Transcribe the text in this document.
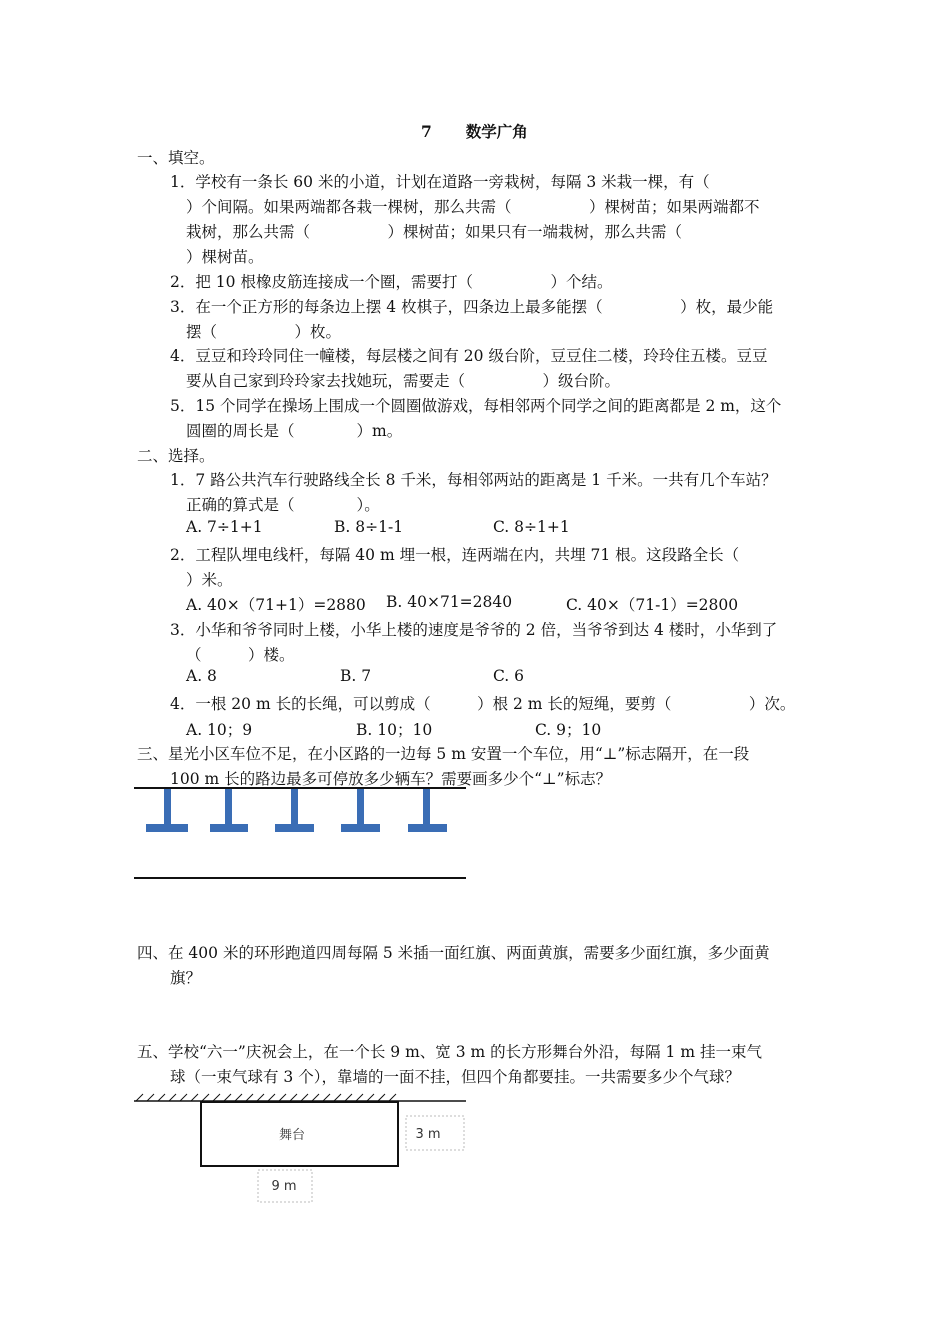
7 数学广角
一、填空。
1．学校有一条长 60 米的小道，计划在道路一旁栽树，每隔 3 米栽一棵，有（
）个间隔。如果两端都各栽一棵树，那么共需（　　　　　）棵树苗；如果两端都不
栽树，那么共需（　　　　　）棵树苗；如果只有一端栽树，那么共需（
）棵树苗。
2．把 10 根橡皮筋连接成一个圈，需要打（　　　　　）个结。
3．在一个正方形的每条边上摆 4 枚棋子，四条边上最多能摆（　　　　　）枚，最少能
摆（　　　　　）枚。
4．豆豆和玲玲同住一幢楼，每层楼之间有 20 级台阶，豆豆住二楼，玲玲住五楼。豆豆
要从自己家到玲玲家去找她玩，需要走（　　　　　）级台阶。
5．15 个同学在操场上围成一个圆圈做游戏，每相邻两个同学之间的距离都是 2 m，这个
圆圈的周长是（　　　　）m。
二、选择。
1．7 路公共汽车行驶路线全长 8 千米，每相邻两站的距离是 1 千米。一共有几个车站？
正确的算式是（　　　　）。
A. 7÷1+1	B. 8÷1-1	C. 8÷1+1
2．工程队埋电线杆，每隔 40 m 埋一根，连两端在内，共埋 71 根。这段路全长（
）米。
A. 40×（71+1）=2880 B. 40×71=2840	C. 40×（71-1）=2800
3．小华和爷爷同时上楼，小华上楼的速度是爷爷的 2 倍，当爷爷到达 4 楼时，小华到了
（　　　）楼。
A. 8	B. 7	C. 6
4．一根 20 m 长的长绳，可以剪成（　　　）根 2 m 长的短绳，要剪（　　　　　）次。
A. 10；9	B. 10；10	C. 9；10
三、星光小区车位不足，在小区路的一边每 5 m 安置一个车位，用“⊥”标志隔开，在一段
100 m 长的路边最多可停放多少辆车？需要画多少个“⊥”标志？
四、在 400 米的环形跑道四周每隔 5 米插一面红旗、两面黄旗，需要多少面红旗，多少面黄
旗？
五、学校“六一”庆祝会上，在一个长 9 m、宽 3 m 的长方形舞台外沿，每隔 1 m 挂一束气
球（一束气球有 3 个），靠墙的一面不挂，但四个角都要挂。一共需要多少个气球？
舞台	3 m
9 m
